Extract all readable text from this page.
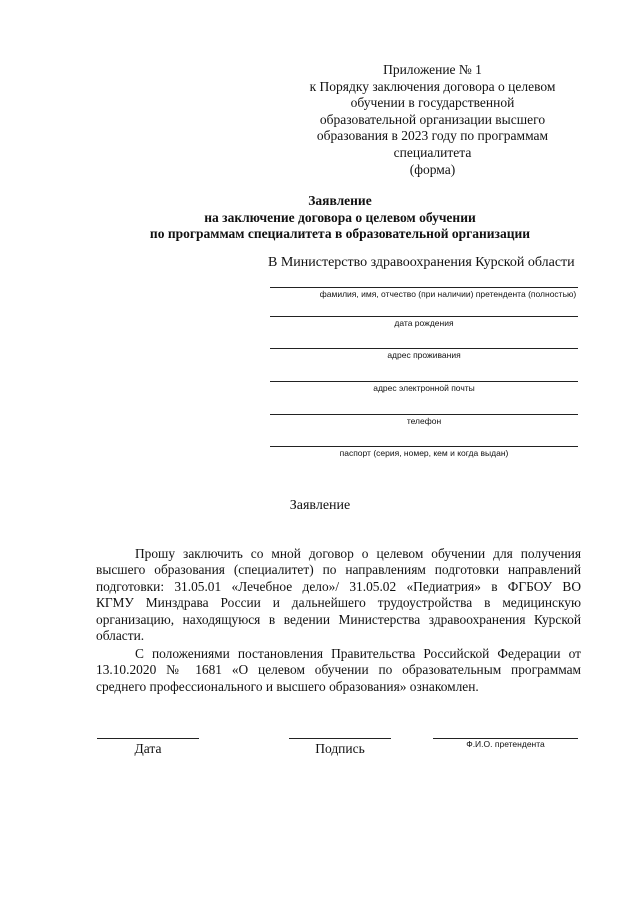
Приложение № 1
к Порядку заключения договора о целевом
обучении в государственной
образовательной организации высшего
образования в 2023 году по программам
специалитета
(форма)
Заявление
на заключение договора о целевом обучении
по программам специалитета в образовательной организации
В Министерство здравоохранения Курской области
фамилия, имя, отчество (при наличии) претендента (полностью)
дата рождения
адрес проживания
адрес электронной почты
телефон
паспорт (серия, номер, кем и когда выдан)
Заявление
Прошу заключить со мной договор о целевом обучении для получения
высшего образования (специалитет) по направлениям подготовки направлений
подготовки: 31.05.01 «Лечебное дело»/ 31.05.02 «Педиатрия» в ФГБОУ ВО
КГМУ Минздрава России и дальнейшего трудоустройства в медицинскую
организацию, находящуюся в ведении Министерства здравоохранения Курской
области.
С положениями постановления Правительства Российской Федерации от
13.10.2020 № 1681 «О целевом обучении по образовательным программам
среднего профессионального и высшего образования» ознакомлен.
Дата	Подпись	Ф.И.О. претендента
